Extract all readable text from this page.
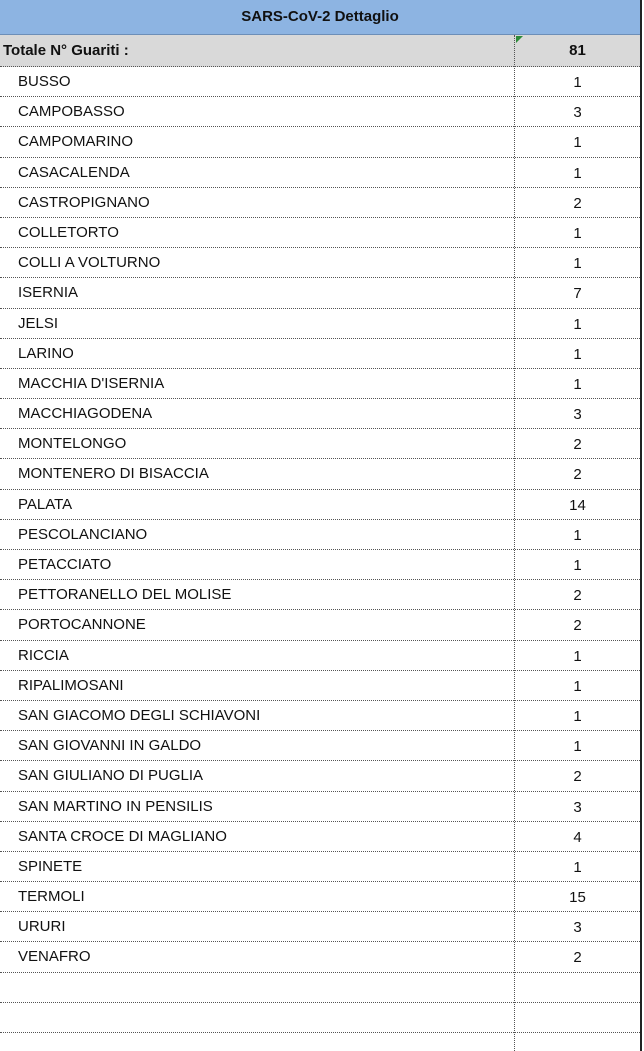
SARS-CoV-2 Dettaglio
Totale N° Guariti :	81
BUSSO	1
CAMPOBASSO	3
CAMPOMARINO	1
CASACALENDA	1
CASTROPIGNANO	2
COLLETORTO	1
COLLI A VOLTURNO	1
ISERNIA	7
JELSI	1
LARINO	1
MACCHIA D'ISERNIA	1
MACCHIAGODENA	3
MONTELONGO	2
MONTENERO DI BISACCIA	2
PALATA	14
PESCOLANCIANO	1
PETACCIATO	1
PETTORANELLO DEL MOLISE	2
PORTOCANNONE	2
RICCIA	1
RIPALIMOSANI	1
SAN GIACOMO DEGLI SCHIAVONI	1
SAN GIOVANNI IN GALDO	1
SAN GIULIANO DI PUGLIA	2
SAN MARTINO IN PENSILIS	3
SANTA CROCE DI MAGLIANO	4
SPINETE	1
TERMOLI	15
URURI	3
VENAFRO	2
